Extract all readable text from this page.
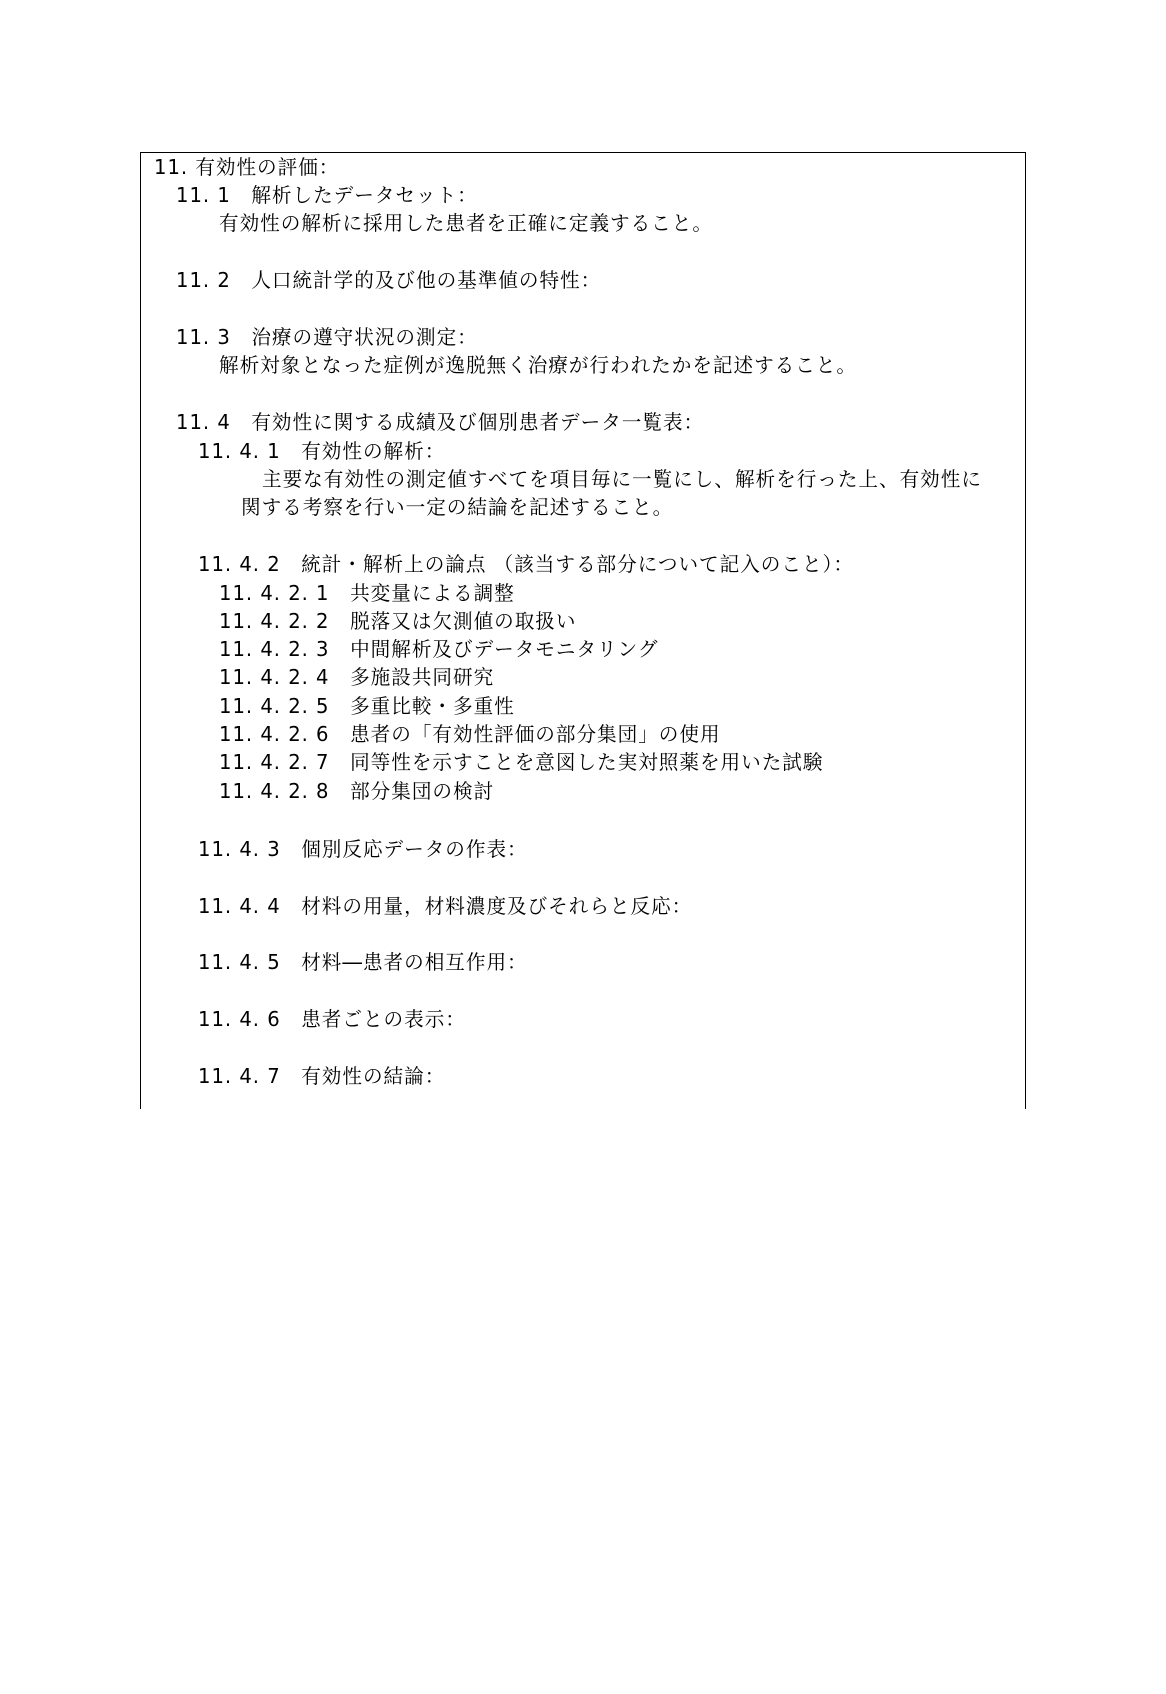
11. 有効性の評価：
11. 1　解析したデータセット：
有効性の解析に採用した患者を正確に定義すること。
11. 2　人口統計学的及び他の基準値の特性：
11. 3　治療の遵守状況の測定：
解析対象となった症例が逸脱無く治療が行われたかを記述すること。
11. 4　有効性に関する成績及び個別患者データ一覧表：
11. 4. 1　有効性の解析：
主要な有効性の測定値すべてを項目毎に一覧にし、解析を行った上、有効性に
関する考察を行い一定の結論を記述すること。
11. 4. 2　統計・解析上の論点 （該当する部分について記入のこと）：
11. 4. 2. 1　共変量による調整
11. 4. 2. 2　脱落又は欠測値の取扱い
11. 4. 2. 3　中間解析及びデータモニタリング
11. 4. 2. 4　多施設共同研究
11. 4. 2. 5　多重比較・多重性
11. 4. 2. 6　患者の「有効性評価の部分集団」の使用
11. 4. 2. 7　同等性を示すことを意図した実対照薬を用いた試験
11. 4. 2. 8　部分集団の検討
11. 4. 3　個別反応データの作表：
11. 4. 4　材料の用量，材料濃度及びそれらと反応：
11. 4. 5　材料―患者の相互作用：
11. 4. 6　患者ごとの表示：
11. 4. 7　有効性の結論：
